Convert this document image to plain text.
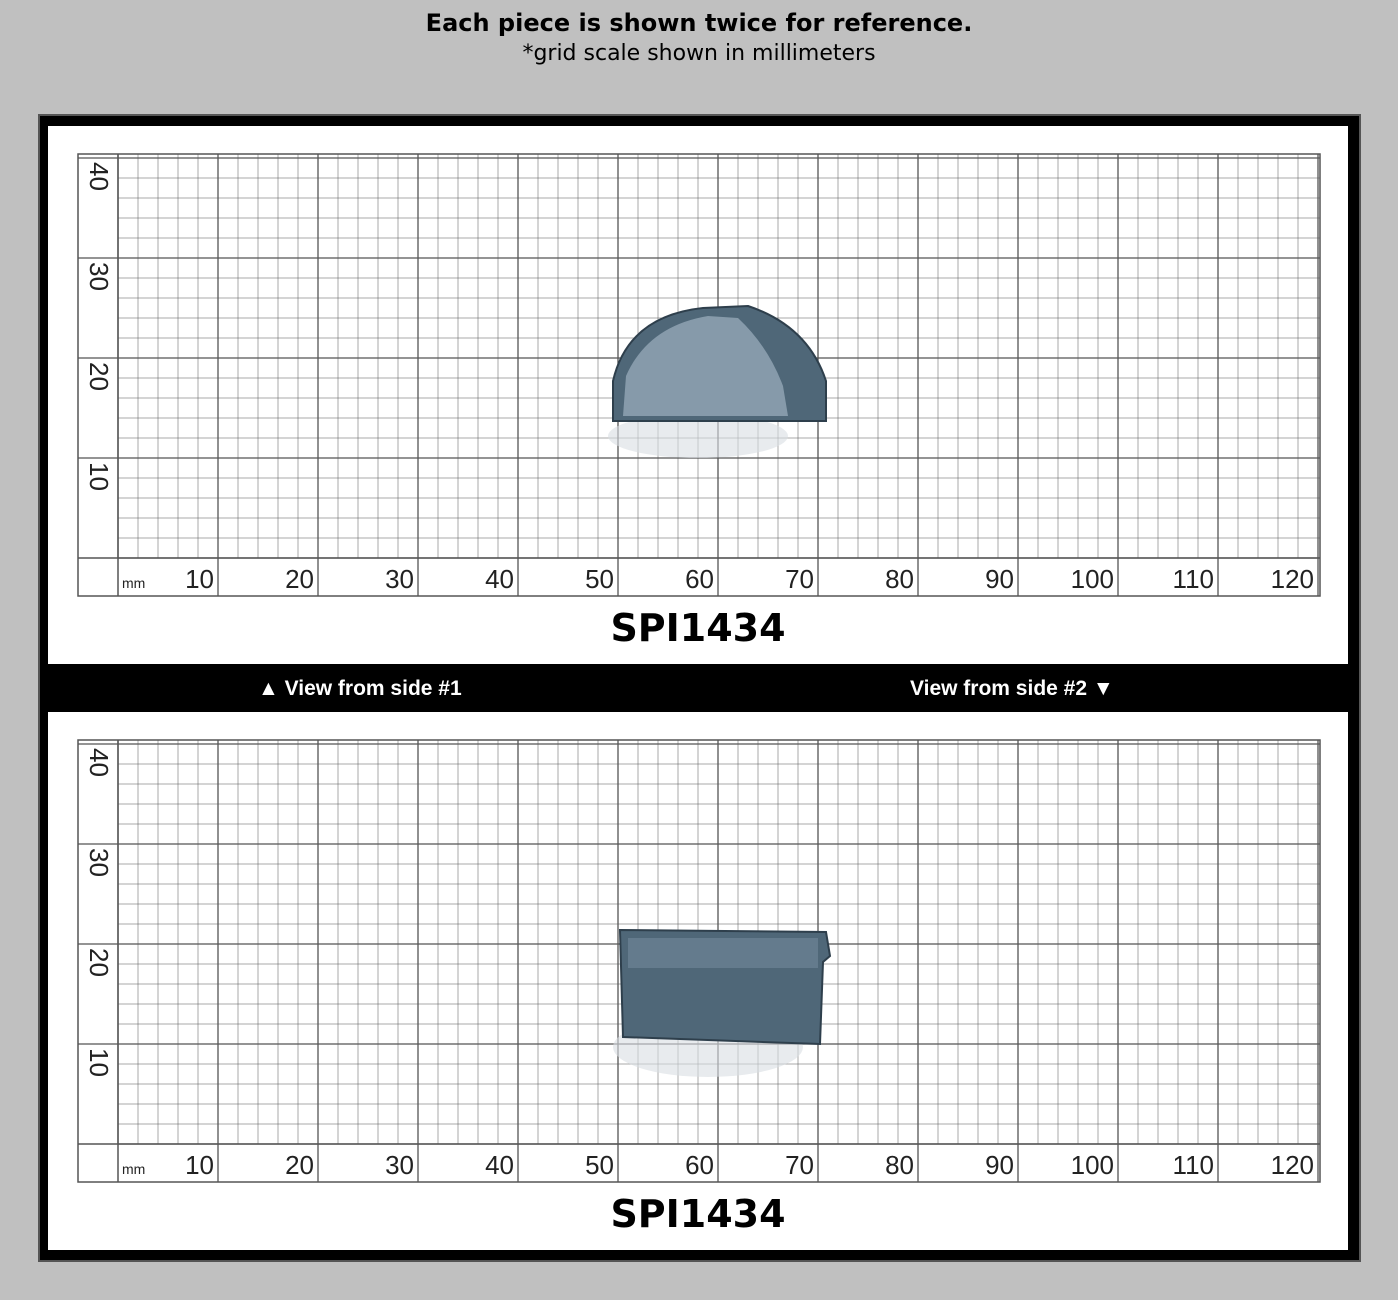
Each piece is shown twice for reference.
*grid scale shown in millimeters
10	20	30	40	50	60	70	80	90 100 110 120
mm
40
30
20
10
SPI1434
▲ View from side #1	View from side #2 ▼
10	20	30	40	50	60	70	80	90 100 110 120
mm
40
30
20
10
SPI1434
